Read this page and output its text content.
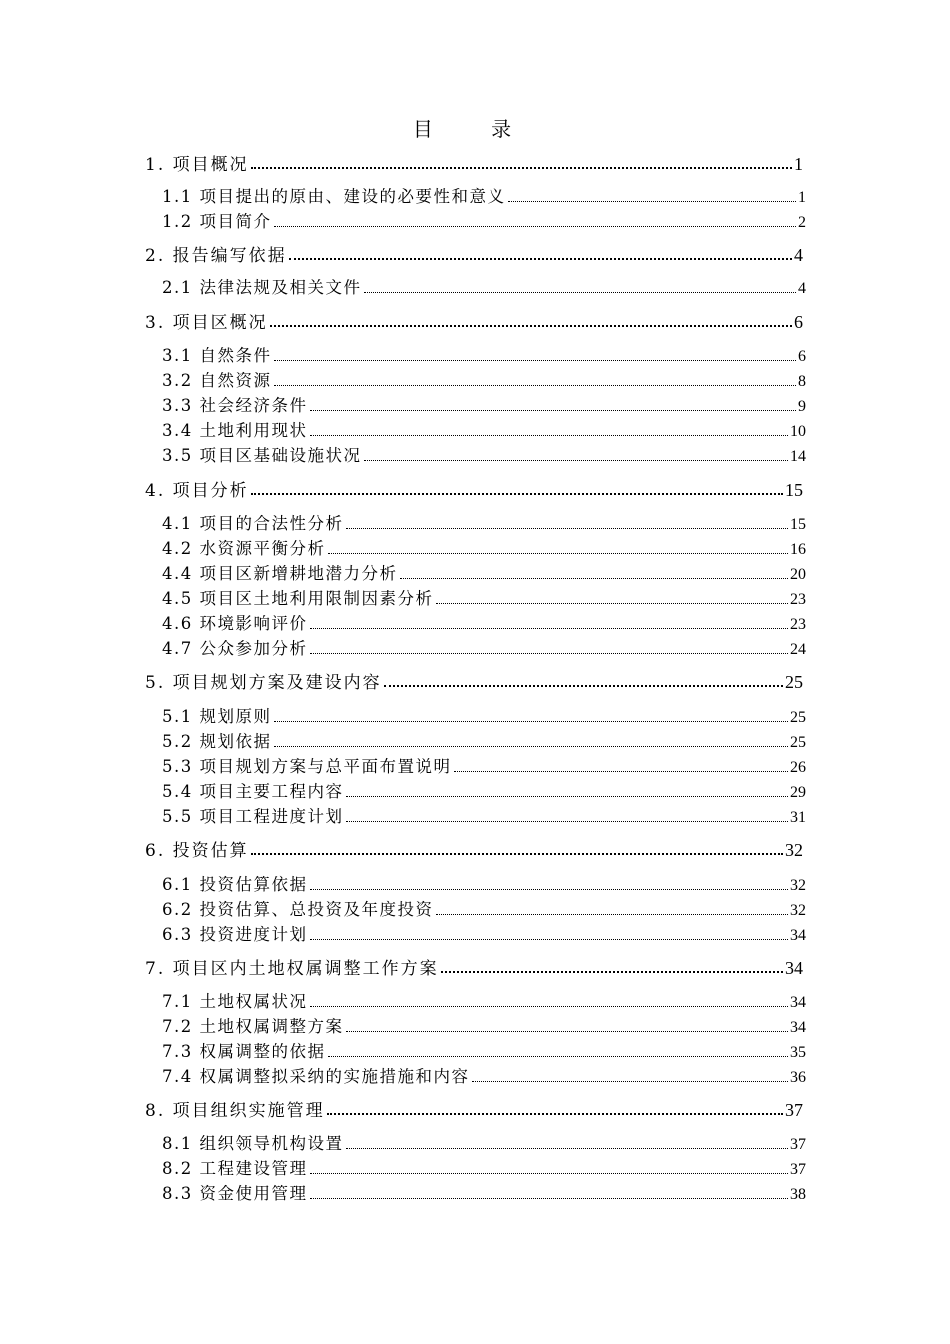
目 录
1. 项目概况	1
1.1 项目提出的原由、建设的必要性和意义	1
1.2 项目简介	2
2. 报告编写依据	4
2.1 法律法规及相关文件	4
3. 项目区概况	6
3.1 自然条件	6
3.2 自然资源	8
3.3 社会经济条件	9
3.4 土地利用现状	10
3.5 项目区基础设施状况	14
4. 项目分析	15
4.1 项目的合法性分析	15
4.2 水资源平衡分析	16
4.4 项目区新增耕地潜力分析	20
4.5 项目区土地利用限制因素分析	23
4.6 环境影响评价	23
4.7 公众参加分析	24
5. 项目规划方案及建设内容	25
5.1 规划原则	25
5.2 规划依据	25
5.3 项目规划方案与总平面布置说明	26
5.4 项目主要工程内容	29
5.5 项目工程进度计划	31
6. 投资估算	32
6.1 投资估算依据	32
6.2 投资估算、总投资及年度投资	32
6.3 投资进度计划	34
7. 项目区内土地权属调整工作方案	34
7.1 土地权属状况	34
7.2 土地权属调整方案	34
7.3 权属调整的依据	35
7.4 权属调整拟采纳的实施措施和内容	36
8. 项目组织实施管理	37
8.1 组织领导机构设置	37
8.2 工程建设管理	37
8.3 资金使用管理	38
